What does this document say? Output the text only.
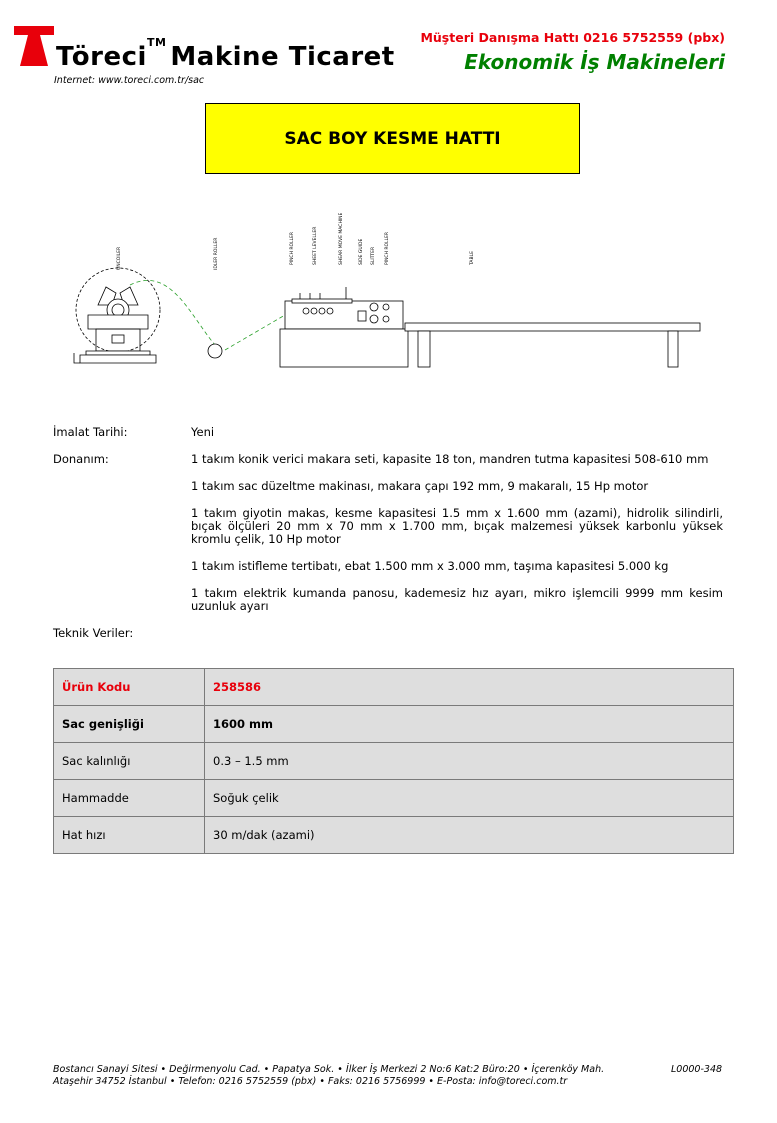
Töreci™ Makine Ticaret
Internet: www.toreci.com.tr/sac
Müşteri Danışma Hattı 0216 5752559 (pbx)
Ekonomik İş Makineleri
SAC BOY KESME HATTI
UNCOILER	IDLER ROLLER	PINCH ROLLER	SHEET LEVELLER	SHEAR MOVE MACHINE	SIDE GUIDE SLITTER PINCH ROLLER	TABLE
İmalat Tarihi:	Yeni
Donanım:	1 takım konik verici makara seti, kapasite 18 ton, mandren tutma kapasitesi 508-610 mm
1 takım sac düzeltme makinası, makara çapı 192 mm, 9 makaralı, 15 Hp motor
1 takım giyotin makas, kesme kapasitesi 1.5 mm x 1.600 mm (azami), hidrolik silindirli, bıçak ölçüleri 20 mm x 70 mm x 1.700 mm, bıçak malzemesi yüksek karbonlu yüksek kromlu çelik, 10 Hp motor
1 takım istifleme tertibatı, ebat 1.500 mm x 3.000 mm, taşıma kapasitesi 5.000 kg
1 takım elektrik kumanda panosu, kademesiz hız ayarı, mikro işlemcili 9999 mm kesim uzunluk ayarı
Teknik Veriler:
Ürün Kodu	258586
Sac genişliği	1600 mm
Sac kalınlığı	0.3 – 1.5 mm
Hammadde	Soğuk çelik
Hat hızı	30 m/dak (azami)
Bostancı Sanayi Sitesi • Değirmenyolu Cad. • Papatya Sok. • İlker İş Merkezi 2 No:6 Kat:2 Büro:20 • İçerenköy Mah.
Ataşehir 34752 İstanbul • Telefon: 0216 5752559 (pbx) • Faks: 0216 5756999 • E-Posta: info@toreci.com.tr
L0000-348
